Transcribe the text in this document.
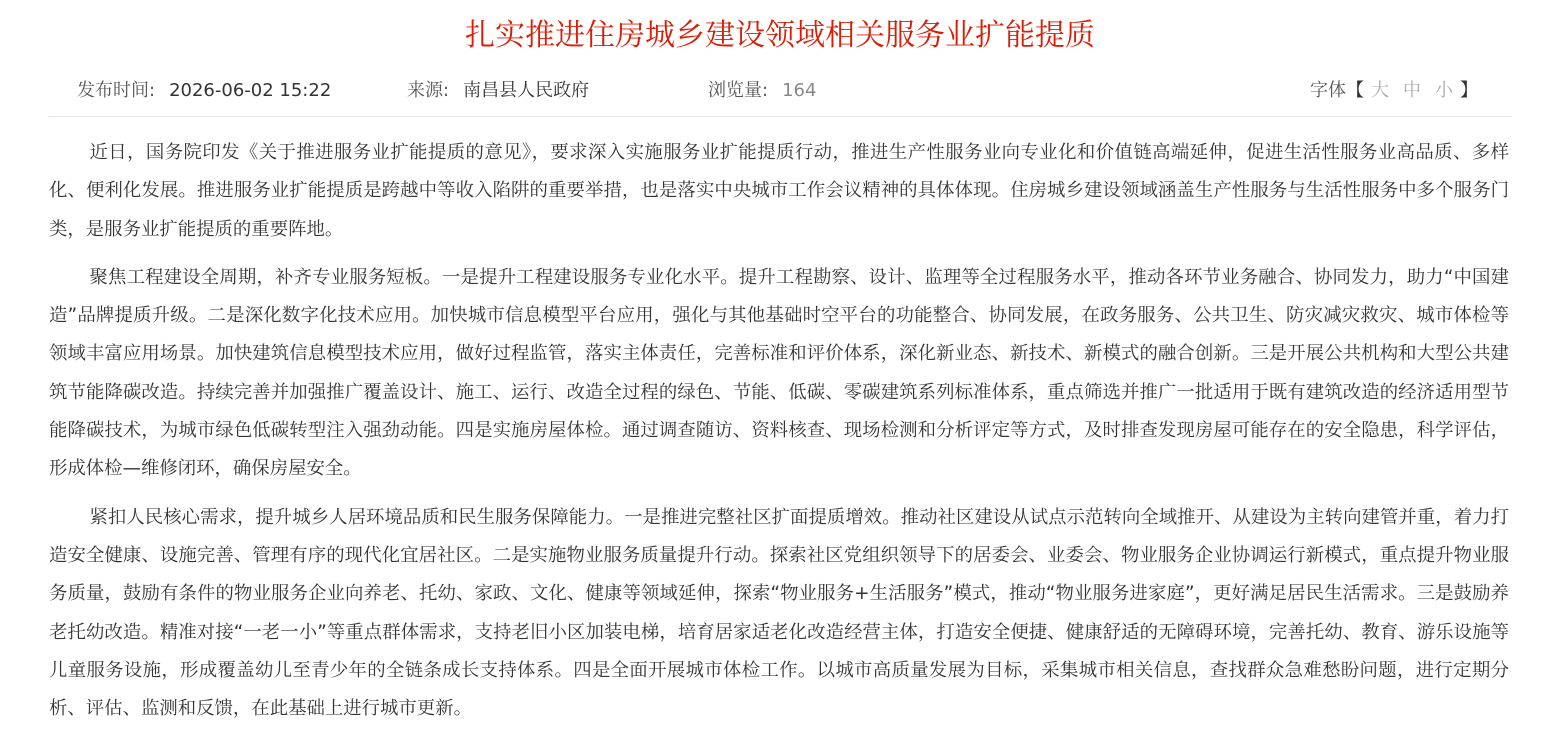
扎实推进住房城乡建设领域相关服务业扩能提质
发布时间: 2026-06-02 15:22	来源: 南昌县人民政府	浏览量: 164	字体【 大 中 小 】

近日，国务院印发《关于推进服务业扩能提质的意见》，要求深入实施服务业扩能提质行动，推进生产性服务业向专业化和价值链高端延伸，促进生活性服务业高品质、多样化、便利化发展。推进服务业扩能提质是跨越中等收入陷阱的重要举措，也是落实中央城市工作会议精神的具体体现。住房城乡建设领域涵盖生产性服务与生活性服务中多个服务门类，是服务业扩能提质的重要阵地。

聚焦工程建设全周期，补齐专业服务短板。一是提升工程建设服务专业化水平。提升工程勘察、设计、监理等全过程服务水平，推动各环节业务融合、协同发力，助力“中国建造”品牌提质升级。二是深化数字化技术应用。加快城市信息模型平台应用，强化与其他基础时空平台的功能整合、协同发展，在政务服务、公共卫生、防灾减灾救灾、城市体检等领域丰富应用场景。加快建筑信息模型技术应用，做好过程监管，落实主体责任，完善标准和评价体系，深化新业态、新技术、新模式的融合创新。三是开展公共机构和大型公共建筑节能降碳改造。持续完善并加强推广覆盖设计、施工、运行、改造全过程的绿色、节能、低碳、零碳建筑系列标准体系，重点筛选并推广一批适用于既有建筑改造的经济适用型节能降碳技术，为城市绿色低碳转型注入强劲动能。四是实施房屋体检。通过调查随访、资料核查、现场检测和分析评定等方式，及时排查发现房屋可能存在的安全隐患，科学评估，形成体检—维修闭环，确保房屋安全。

紧扣人民核心需求，提升城乡人居环境品质和民生服务保障能力。一是推进完整社区扩面提质增效。推动社区建设从试点示范转向全域推开、从建设为主转向建管并重，着力打造安全健康、设施完善、管理有序的现代化宜居社区。二是实施物业服务质量提升行动。探索社区党组织领导下的居委会、业委会、物业服务企业协调运行新模式，重点提升物业服务质量，鼓励有条件的物业服务企业向养老、托幼、家政、文化、健康等领域延伸，探索“物业服务+生活服务”模式，推动“物业服务进家庭”，更好满足居民生活需求。三是鼓励养老托幼改造。精准对接“一老一小”等重点群体需求，支持老旧小区加装电梯，培育居家适老化改造经营主体，打造安全便捷、健康舒适的无障碍环境，完善托幼、教育、游乐设施等儿童服务设施，形成覆盖幼儿至青少年的全链条成长支持体系。四是全面开展城市体检工作。以城市高质量发展为目标，采集城市相关信息，查找群众急难愁盼问题，进行定期分析、评估、监测和反馈，在此基础上进行城市更新。
